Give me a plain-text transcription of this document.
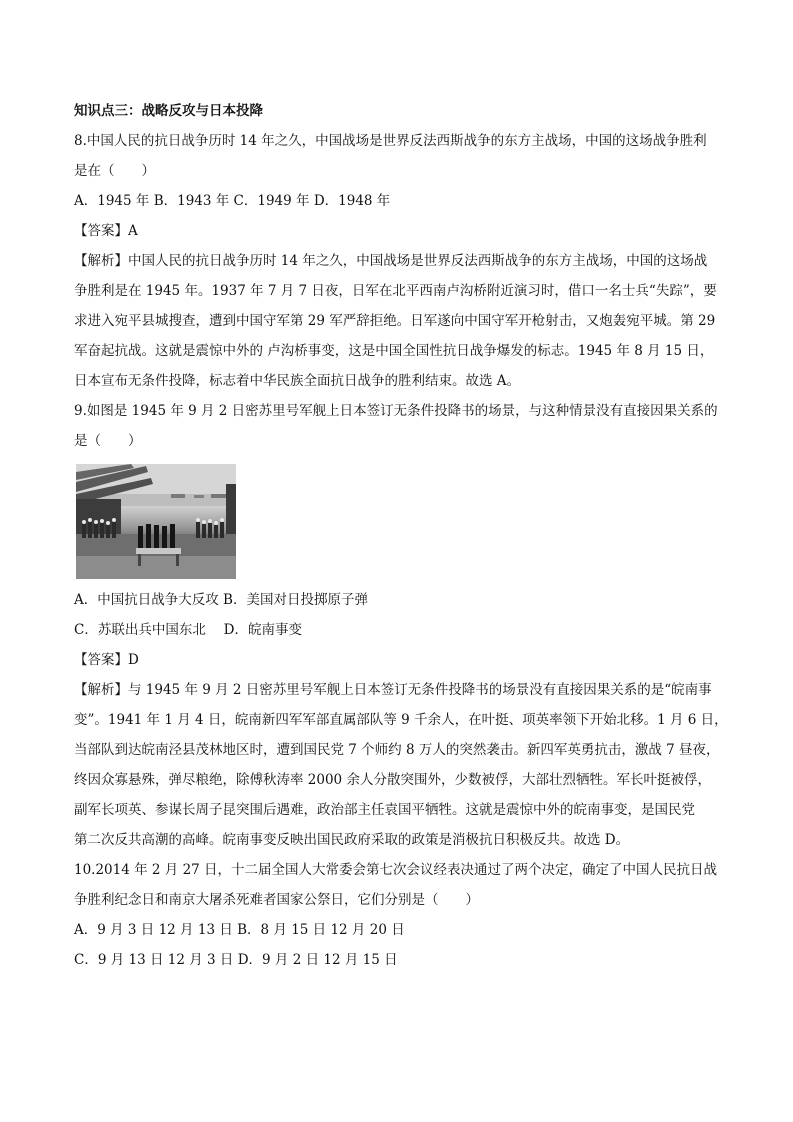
知识点三：战略反攻与日本投降

8.中国人民的抗日战争历时 14 年之久，中国战场是世界反法西斯战争的东方主战场，中国的这场战争胜利

是在（　　）

A．1945 年 B．1943 年 C．1949 年 D．1948 年

【答案】A

【解析】中国人民的抗日战争历时 14 年之久，中国战场是世界反法西斯战争的东方主战场，中国的这场战

争胜利是在 1945 年。1937 年 7 月 7 日夜，日军在北平西南卢沟桥附近演习时，借口一名士兵“失踪”，要

求进入宛平县城搜查，遭到中国守军第 29 军严辞拒绝。日军遂向中国守军开枪射击，又炮轰宛平城。第 29

军奋起抗战。这就是震惊中外的 卢沟桥事变，这是中国全国性抗日战争爆发的标志。1945 年 8 月 15 日，

日本宣布无条件投降，标志着中华民族全面抗日战争的胜利结束。故选 A。

9.如图是 1945 年 9 月 2 日密苏里号军舰上日本签订无条件投降书的场景，与这种情景没有直接因果关系的

是（　　）

A．中国抗日战争大反攻 B．美国对日投掷原子弹

C．苏联出兵中国东北　 D．皖南事变

【答案】D

【解析】与 1945 年 9 月 2 日密苏里号军舰上日本签订无条件投降书的场景没有直接因果关系的是“皖南事

变”。1941 年 1 月 4 日，皖南新四军军部直属部队等 9 千余人，在叶挺、项英率领下开始北移。1 月 6 日，

当部队到达皖南泾县茂林地区时，遭到国民党 7 个师约 8 万人的突然袭击。新四军英勇抗击，激战 7 昼夜，

终因众寡悬殊，弹尽粮绝，除傅秋涛率 2000 余人分散突围外，少数被俘，大部壮烈牺牲。军长叶挺被俘，

副军长项英、参谋长周子昆突围后遇难，政治部主任袁国平牺牲。这就是震惊中外的皖南事变，是国民党

第二次反共高潮的高峰。皖南事变反映出国民政府采取的政策是消极抗日积极反共。故选 D。

10.2014 年 2 月 27 日，十二届全国人大常委会第七次会议经表决通过了两个决定，确定了中国人民抗日战

争胜利纪念日和南京大屠杀死难者国家公祭日，它们分别是（　　）

A．9 月 3 日 12 月 13 日 B．8 月 15 日 12 月 20 日

C．9 月 13 日 12 月 3 日 D．9 月 2 日 12 月 15 日
